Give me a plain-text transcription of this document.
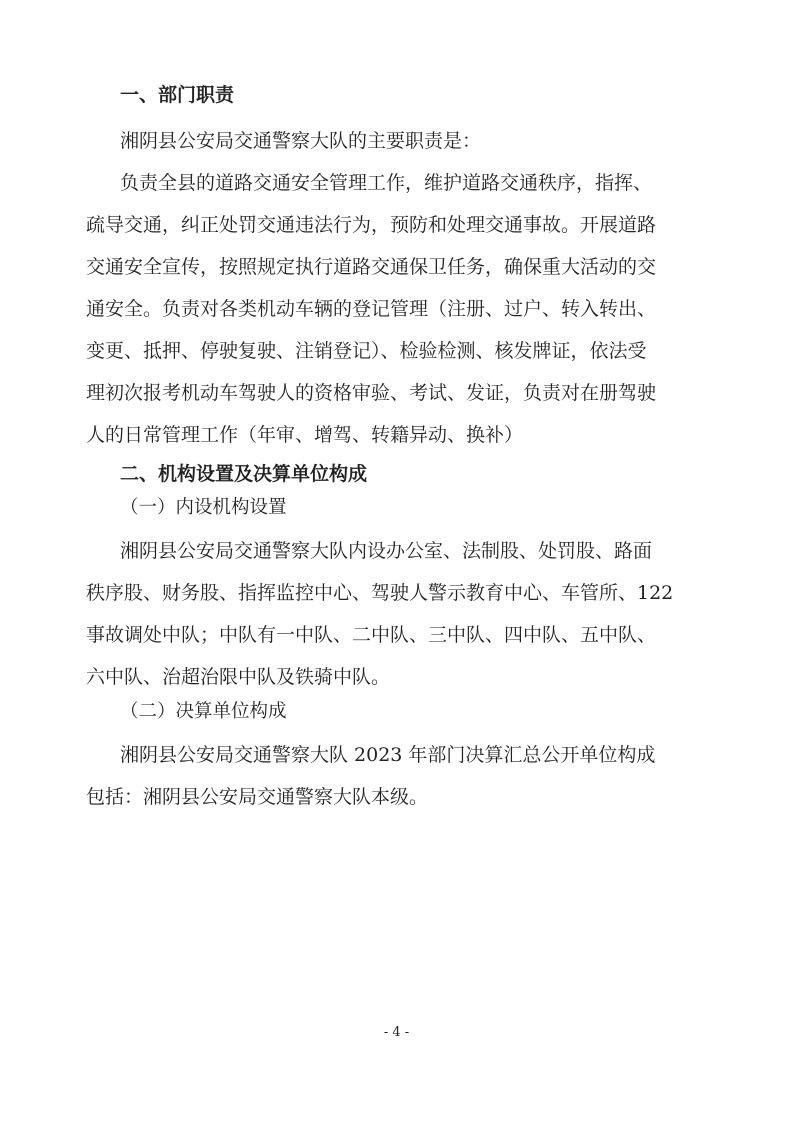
一、部门职责
湘阴县公安局交通警察大队的主要职责是：
负责全县的道路交通安全管理工作，维护道路交通秩序，指挥、
疏导交通，纠正处罚交通违法行为，预防和处理交通事故。开展道路
交通安全宣传，按照规定执行道路交通保卫任务，确保重大活动的交
通安全。负责对各类机动车辆的登记管理（注册、过户、转入转出、
变更、抵押、停驶复驶、注销登记）、检验检测、核发牌证，依法受
理初次报考机动车驾驶人的资格审验、考试、发证，负责对在册驾驶
人的日常管理工作（年审、增驾、转籍异动、换补）
二、机构设置及决算单位构成
（一）内设机构设置
湘阴县公安局交通警察大队内设办公室、法制股、处罚股、路面
秩序股、财务股、指挥监控中心、驾驶人警示教育中心、车管所、122
事故调处中队；中队有一中队、二中队、三中队、四中队、五中队、
六中队、治超治限中队及铁骑中队。
（二）决算单位构成
湘阴县公安局交通警察大队 2023 年部门决算汇总公开单位构成
包括：湘阴县公安局交通警察大队本级。
- 4 -
